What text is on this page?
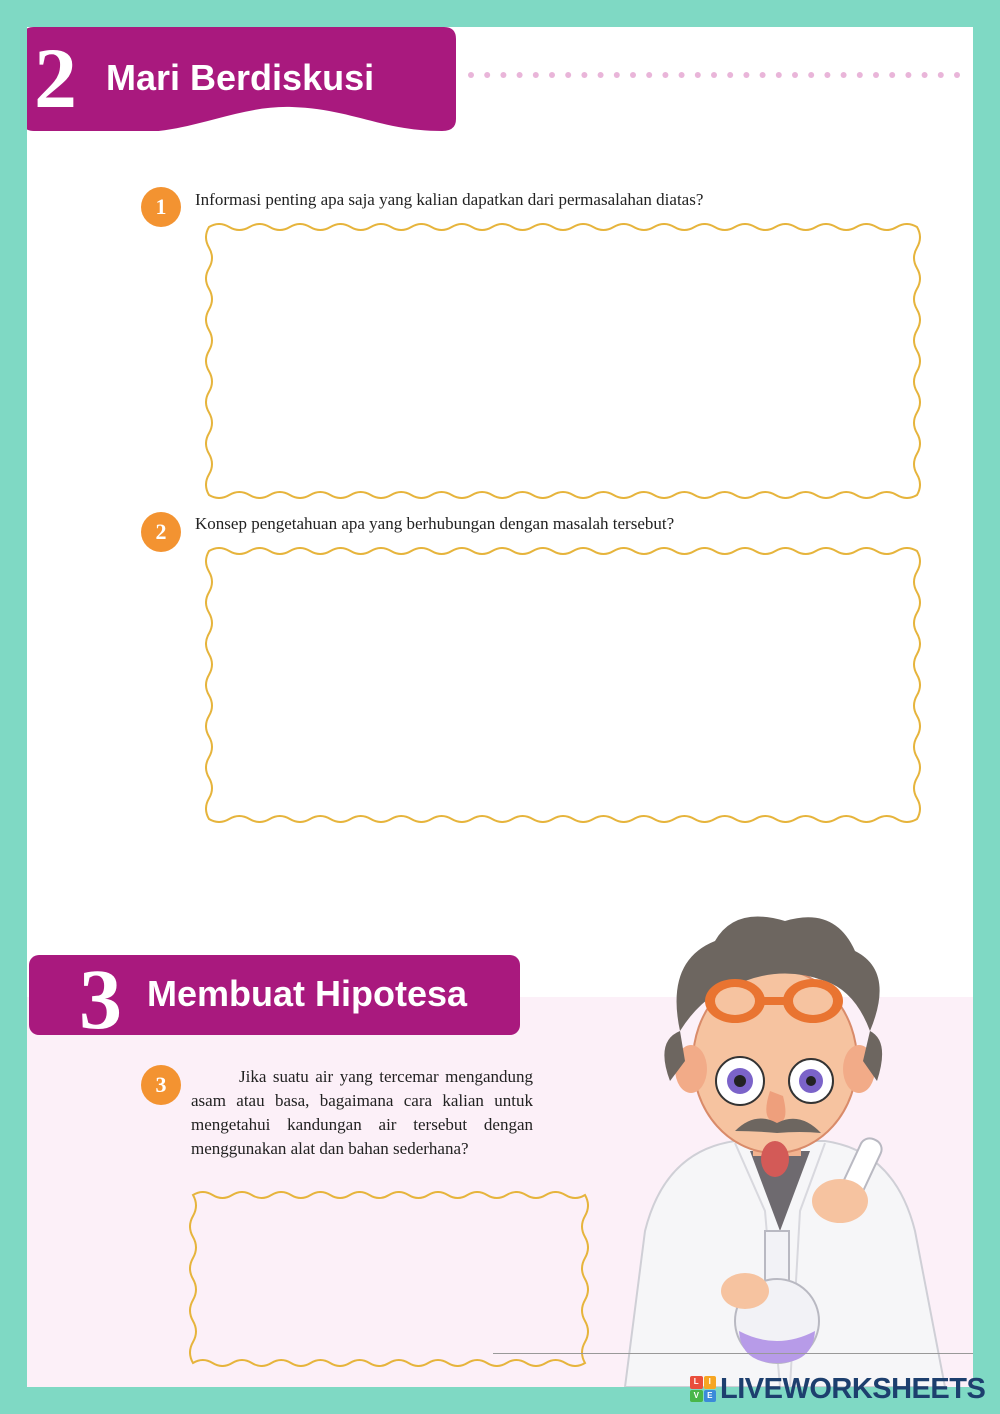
2 Mari Berdiskusi
1	Informasi penting apa saja yang kalian dapatkan dari permasalahan diatas?
2	Konsep pengetahuan apa yang berhubungan dengan masalah tersebut?
3 Membuat Hipotesa
3	Jika suatu air yang tercemar mengandung asam atau basa, bagaimana cara kalian untuk mengetahui kandungan air tersebut dengan menggunakan alat dan bahan sederhana?
L	I
V	E LIVEWORKSHEETS
